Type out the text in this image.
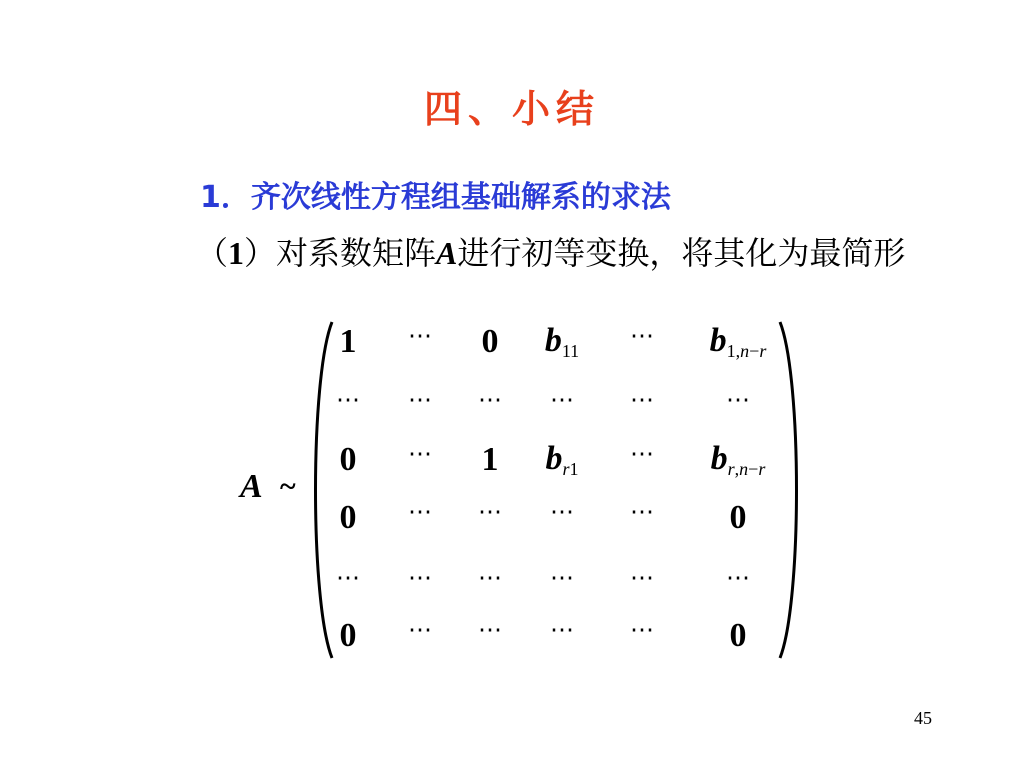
四、小结
1．齐次线性方程组基础解系的求法
（1）对系数矩阵A进行初等变换，将其化为最简形
A ~
1 ⋯ 0 $b_{11}$
⋯ $b_{1,n-r}$
⋯ ⋯ ⋯ ⋯ ⋯	⋯
0 ⋯ 1 $b_{r1}$
⋯ $b_{r,n-r}$
0 ⋯ ⋯ ⋯ ⋯ 0
⋯ ⋯ ⋯ ⋯ ⋯	⋯
0 ⋯ ⋯ ⋯ ⋯ 0
45
